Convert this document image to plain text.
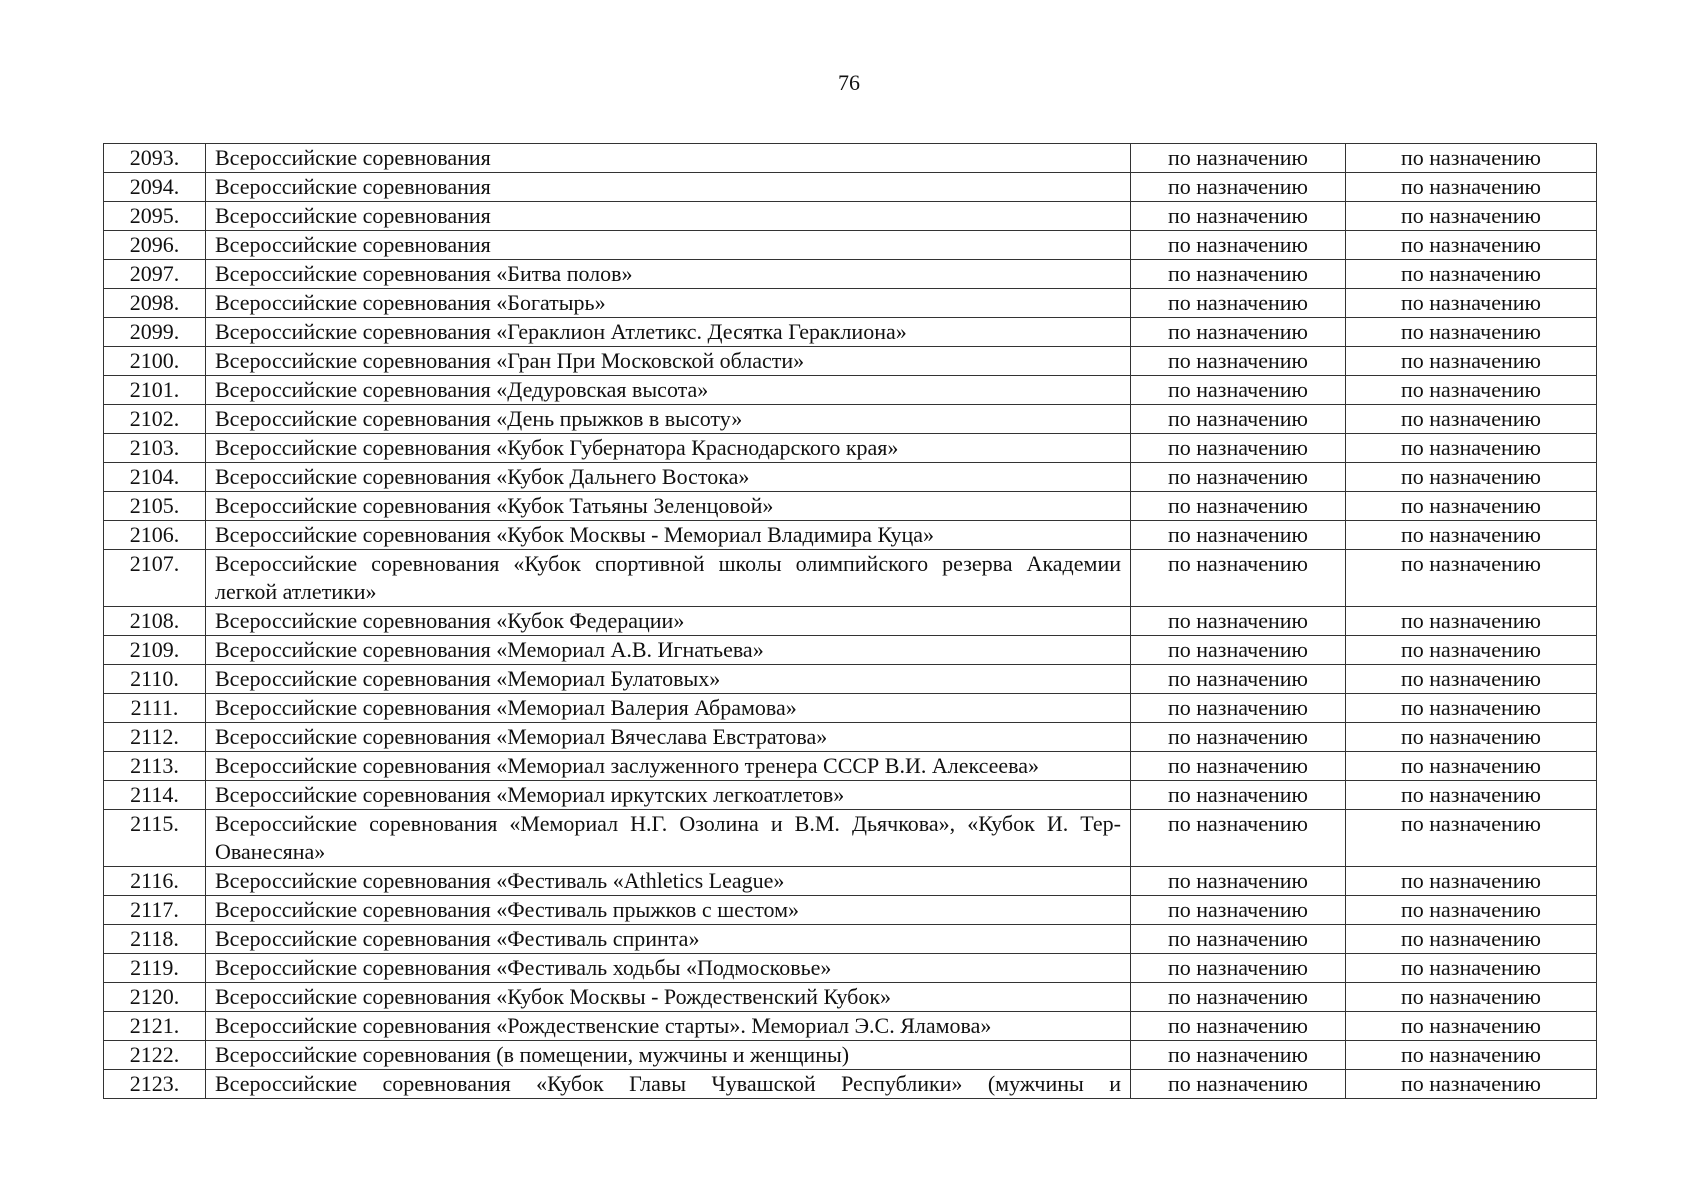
76
2093.	Всероссийские соревнования	по назначению	по назначению
2094.	Всероссийские соревнования	по назначению	по назначению
2095.	Всероссийские соревнования	по назначению	по назначению
2096.	Всероссийские соревнования	по назначению	по назначению
2097.	Всероссийские соревнования «Битва полов»	по назначению	по назначению
2098.	Всероссийские соревнования «Богатырь»	по назначению	по назначению
2099.	Всероссийские соревнования «Гераклион Атлетикс. Десятка Гераклиона»	по назначению	по назначению
2100.	Всероссийские соревнования «Гран При Московской области»	по назначению	по назначению
2101.	Всероссийские соревнования «Дедуровская высота»	по назначению	по назначению
2102.	Всероссийские соревнования «День прыжков в высоту»	по назначению	по назначению
2103.	Всероссийские соревнования «Кубок Губернатора Краснодарского края»	по назначению	по назначению
2104.	Всероссийские соревнования «Кубок Дальнего Востока»	по назначению	по назначению
2105.	Всероссийские соревнования «Кубок Татьяны Зеленцовой»	по назначению	по назначению
2106.	Всероссийские соревнования «Кубок Москвы - Мемориал Владимира Куца»	по назначению	по назначению
2107.	Всероссийские соревнования «Кубок спортивной школы олимпийского резерва Академии легкой атлетики»	по назначению	по назначению
2108.	Всероссийские соревнования «Кубок Федерации»	по назначению	по назначению
2109.	Всероссийские соревнования «Мемориал А.В. Игнатьева»	по назначению	по назначению
2110.	Всероссийские соревнования «Мемориал Булатовых»	по назначению	по назначению
2111.	Всероссийские соревнования «Мемориал Валерия Абрамова»	по назначению	по назначению
2112.	Всероссийские соревнования «Мемориал Вячеслава Евстратова»	по назначению	по назначению
2113.	Всероссийские соревнования «Мемориал заслуженного тренера СССР В.И. Алексеева»	по назначению	по назначению
2114.	Всероссийские соревнования «Мемориал иркутских легкоатлетов»	по назначению	по назначению
2115.	Всероссийские соревнования «Мемориал Н.Г. Озолина и В.М. Дьячкова», «Кубок И. Тер-Ованесяна»	по назначению	по назначению
2116.	Всероссийские соревнования «Фестиваль «Athletics League»	по назначению	по назначению
2117.	Всероссийские соревнования «Фестиваль прыжков с шестом»	по назначению	по назначению
2118.	Всероссийские соревнования «Фестиваль спринта»	по назначению	по назначению
2119.	Всероссийские соревнования «Фестиваль ходьбы «Подмосковье»	по назначению	по назначению
2120.	Всероссийские соревнования «Кубок Москвы - Рождественский Кубок»	по назначению	по назначению
2121.	Всероссийские соревнования «Рождественские старты». Мемориал Э.С. Яламова»	по назначению	по назначению
2122.	Всероссийские соревнования (в помещении, мужчины и женщины)	по назначению	по назначению
2123.	Всероссийские соревнования «Кубок Главы Чувашской Республики» (мужчины и	по назначению	по назначению
